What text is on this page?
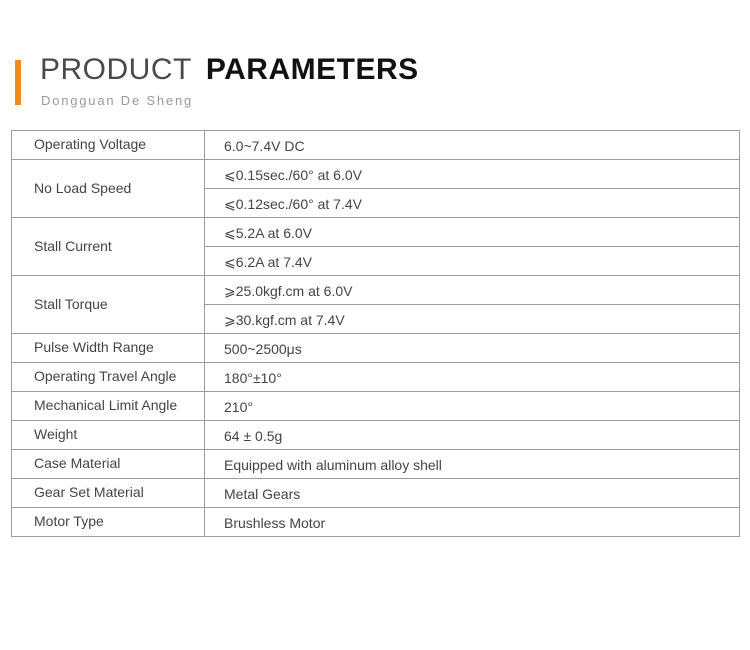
PRODUCT PARAMETERS
Dongguan De Sheng
Operating Voltage	6.0~7.4V DC
No Load Speed	⩽0.15sec./60° at 6.0V
	⩽0.12sec./60° at 7.4V
Stall Current	⩽5.2A at 6.0V
	⩽6.2A at 7.4V
Stall Torque	⩾25.0kgf.cm at 6.0V
	⩾30.kgf.cm at 7.4V
Pulse Width Range	500~2500μs
Operating Travel Angle	180°±10°
Mechanical Limit Angle	210°
Weight	64 ± 0.5g
Case Material	Equipped with aluminum alloy shell
Gear Set Material	Metal Gears
Motor Type	Brushless Motor
